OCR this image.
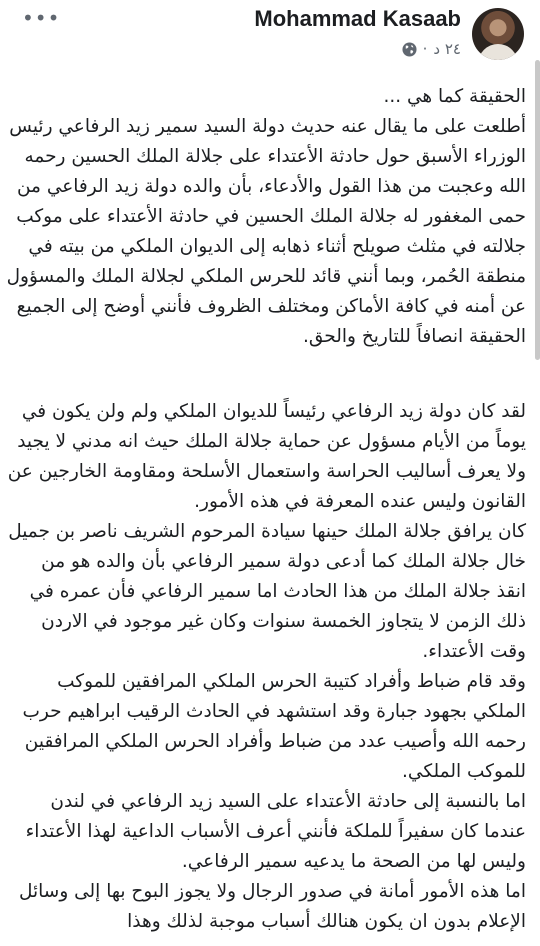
•••	Mohammad Kasaab
٢٤ د
·

الحقيقة كما هي ...

أطلعت على ما يقال عنه حديث دولة السيد سمير زيد الرفاعي رئيس الوزراء الأسبق حول حادثة الأعتداء على جلالة الملك الحسين رحمه الله وعجبت من هذا القول والأدعاء، بأن والده دولة زيد الرفاعي من حمى المغفور له جلالة الملك الحسين في حادثة الأعتداء على موكب جلالته في مثلث صويلح أثناء ذهابه إلى الديوان الملكي من بيته في منطقة الحُمر، وبما أنني قائد للحرس الملكي لجلالة الملك والمسؤول عن أمنه في كافة الأماكن ومختلف الظروف فأنني أوضح إلى الجميع الحقيقة انصافاً للتاريخ والحق.

لقد كان دولة زيد الرفاعي رئيساً للديوان الملكي ولم ولن يكون في يوماً من الأيام مسؤول عن حماية جلالة الملك حيث انه مدني لا يجيد ولا يعرف أساليب الحراسة واستعمال الأسلحة ومقاومة الخارجين عن القانون وليس عنده المعرفة في هذه الأمور.

كان يرافق جلالة الملك حينها سيادة المرحوم الشريف ناصر بن جميل خال جلالة الملك كما أدعى دولة سمير الرفاعي بأن والده هو من انقذ جلالة الملك من هذا الحادث اما سمير الرفاعي فأن عمره في ذلك الزمن لا يتجاوز الخمسة سنوات وكان غير موجود في الاردن وقت الأعتداء.

وقد قام ضباط وأفراد كتيبة الحرس الملكي المرافقين للموكب الملكي بجهود جبارة وقد استشهد في الحادث الرقيب ابراهيم حرب رحمه الله وأصيب عدد من ضباط وأفراد الحرس الملكي المرافقين للموكب الملكي.

اما بالنسبة إلى حادثة الأعتداء على السيد زيد الرفاعي في لندن عندما كان سفيراً للملكة فأنني أعرف الأسباب الداعية لهذا الأعتداء وليس لها من الصحة ما يدعيه سمير الرفاعي.

اما هذه الأمور أمانة في صدور الرجال ولا يجوز البوح بها إلى وسائل الإعلام بدون ان يكون هنالك أسباب موجبة لذلك وهذا
